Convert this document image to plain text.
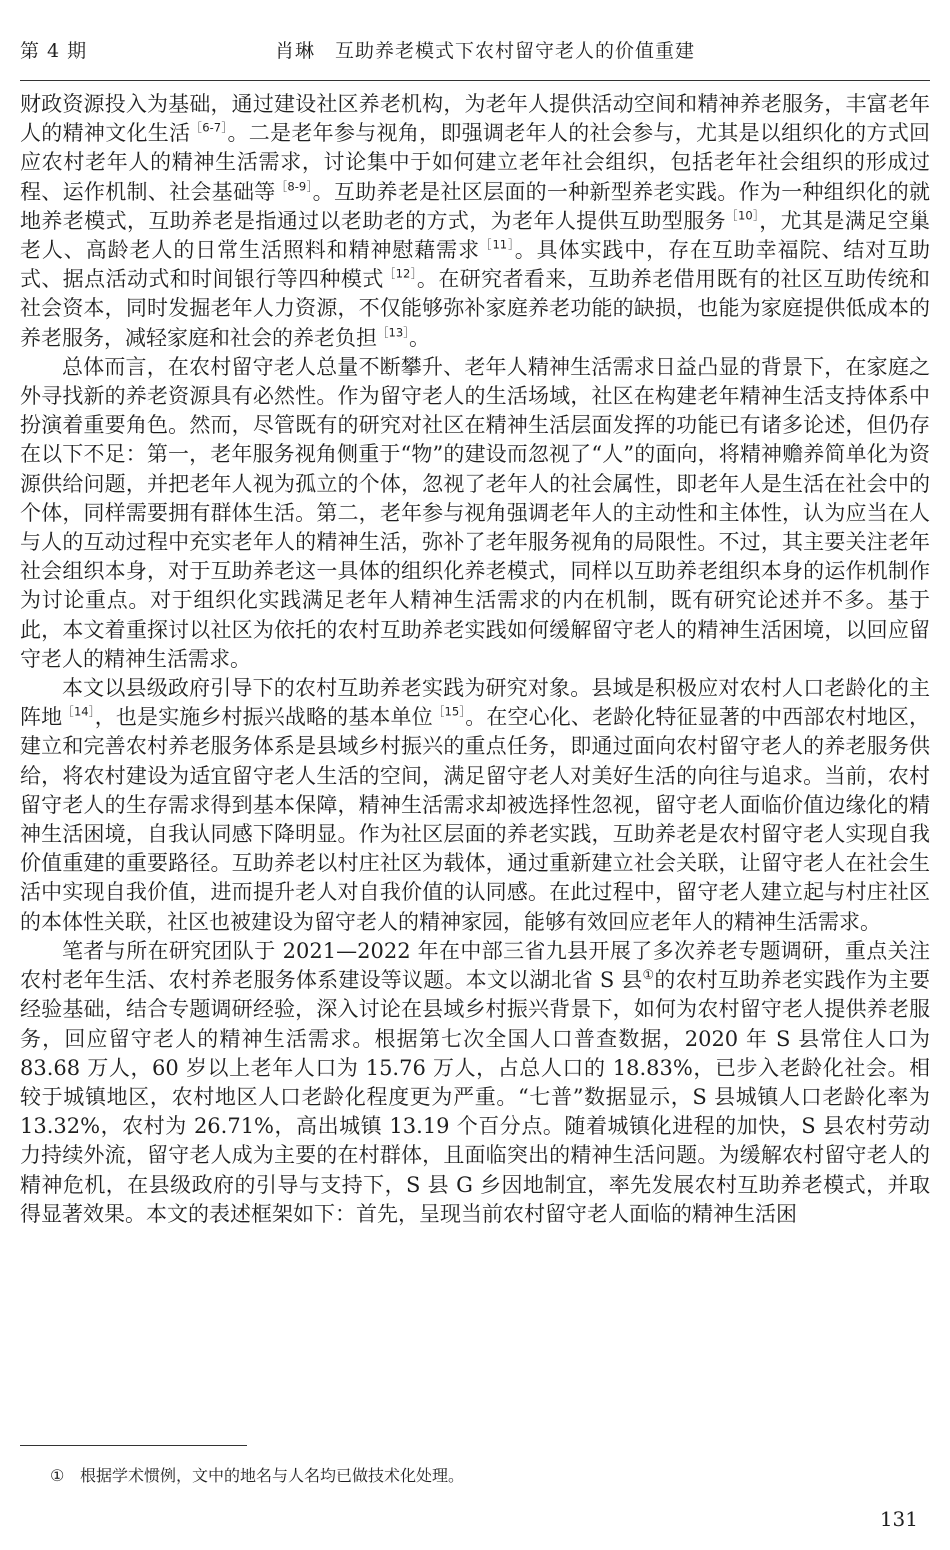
第 4 期	肖琳　互助养老模式下农村留守老人的价值重建

财政资源投入为基础，通过建设社区养老机构，为老年人提供活动空间和精神养老服务，丰富老年人的精神文化生活$^{[6-7]}$。二是老年参与视角，即强调老年人的社会参与，尤其是以组织化的方式回应农村老年人的精神生活需求，讨论集中于如何建立老年社会组织，包括老年社会组织的形成过程、运作机制、社会基础等$^{[8-9]}$。互助养老是社区层面的一种新型养老实践。作为一种组织化的就地养老模式，互助养老是指通过以老助老的方式，为老年人提供互助型服务$^{[10]}$，尤其是满足空巢老人、高龄老人的日常生活照料和精神慰藉需求$^{[11]}$。具体实践中，存在互助幸福院、结对互助式、据点活动式和时间银行等四种模式$^{[12]}$。在研究者看来，互助养老借用既有的社区互助传统和社会资本，同时发掘老年人力资源，不仅能够弥补家庭养老功能的缺损，也能为家庭提供低成本的养老服务，减轻家庭和社会的养老负担$^{[13]}$。

总体而言，在农村留守老人总量不断攀升、老年人精神生活需求日益凸显的背景下，在家庭之外寻找新的养老资源具有必然性。作为留守老人的生活场域，社区在构建老年精神生活支持体系中扮演着重要角色。然而，尽管既有的研究对社区在精神生活层面发挥的功能已有诸多论述，但仍存在以下不足：第一，老年服务视角侧重于“物”的建设而忽视了“人”的面向，将精神赡养简单化为资源供给问题，并把老年人视为孤立的个体，忽视了老年人的社会属性，即老年人是生活在社会中的个体，同样需要拥有群体生活。第二，老年参与视角强调老年人的主动性和主体性，认为应当在人与人的互动过程中充实老年人的精神生活，弥补了老年服务视角的局限性。不过，其主要关注老年社会组织本身，对于互助养老这一具体的组织化养老模式，同样以互助养老组织本身的运作机制作为讨论重点。对于组织化实践满足老年人精神生活需求的内在机制，既有研究论述并不多。基于此，本文着重探讨以社区为依托的农村互助养老实践如何缓解留守老人的精神生活困境，以回应留守老人的精神生活需求。

本文以县级政府引导下的农村互助养老实践为研究对象。县域是积极应对农村人口老龄化的主阵地$^{[14]}$，也是实施乡村振兴战略的基本单位$^{[15]}$。在空心化、老龄化特征显著的中西部农村地区，建立和完善农村养老服务体系是县域乡村振兴的重点任务，即通过面向农村留守老人的养老服务供给，将农村建设为适宜留守老人生活的空间，满足留守老人对美好生活的向往与追求。当前，农村留守老人的生存需求得到基本保障，精神生活需求却被选择性忽视，留守老人面临价值边缘化的精神生活困境，自我认同感下降明显。作为社区层面的养老实践，互助养老是农村留守老人实现自我价值重建的重要路径。互助养老以村庄社区为载体，通过重新建立社会关联，让留守老人在社会生活中实现自我价值，进而提升老人对自我价值的认同感。在此过程中，留守老人建立起与村庄社区的本体性关联，社区也被建设为留守老人的精神家园，能够有效回应老年人的精神生活需求。

笔者与所在研究团队于 2021—2022 年在中部三省九县开展了多次养老专题调研，重点关注农村老年生活、农村养老服务体系建设等议题。本文以湖北省 S 县①的农村互助养老实践作为主要经验基础，结合专题调研经验，深入讨论在县域乡村振兴背景下，如何为农村留守老人提供养老服务，回应留守老人的精神生活需求。根据第七次全国人口普查数据，2020 年 S 县常住人口为 83.68 万人，60 岁以上老年人口为 15.76 万人，占总人口的 18.83%，已步入老龄化社会。相较于城镇地区，农村地区人口老龄化程度更为严重。“七普”数据显示，S 县城镇人口老龄化率为 13.32%，农村为 26.71%，高出城镇 13.19 个百分点。随着城镇化进程的加快，S 县农村劳动力持续外流，留守老人成为主要的在村群体，且面临突出的精神生活问题。为缓解农村留守老人的精神危机，在县级政府的引导与支持下，S 县 G 乡因地制宜，率先发展农村互助养老模式，并取得显著效果。本文的表述框架如下：首先，呈现当前农村留守老人面临的精神生活困

① 根据学术惯例，文中的地名与人名均已做技术化处理。
131
